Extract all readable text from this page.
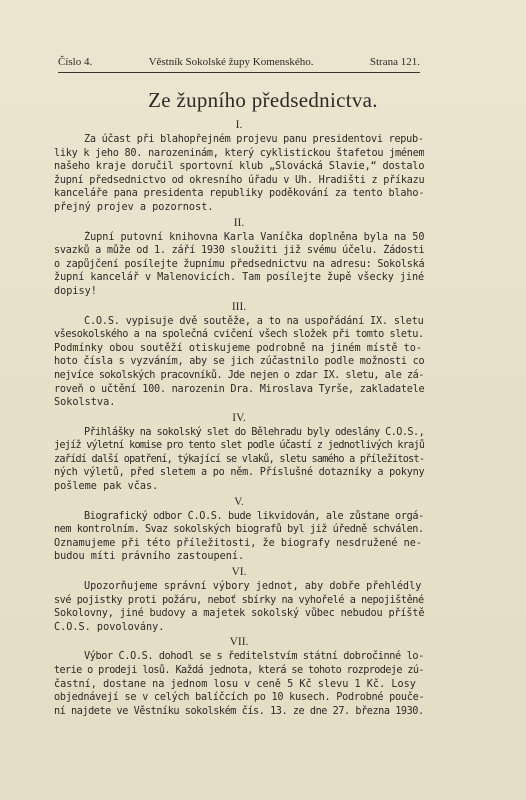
Číslo 4.	Věstník Sokolské župy Komenského.	Strana 121.
Ze župního předsednictva.
I.
Za účast při blahopřejném projevu panu presidentovi repub-
liky k jeho 80. narozeninám, který cyklistickou štafetou jménem
našeho kraje doručil sportovní klub „Slovácká Slavie,“ dostalo
župní předsednictvo od okresního úřadu v Uh. Hradišti z příkazu
kanceláře pana presidenta republiky poděkování za tento blaho-
přejný projev a pozornost.
II.
Župní putovní knihovna Karla Vaníčka doplněna byla na 50
svazků a může od 1. září 1930 sloužiti již svému účelu. Žádosti
o zapůjčení posílejte župnímu předsednictvu na adresu: Sokolská
župní kancelář v Malenovicích. Tam posílejte župě všecky jiné
dopisy!
III.
Č.O.S. vypisuje dvě soutěže, a to na uspořádání IX. sletu
všesokolského a na společná cvičení všech složek při tomto sletu.
Podmínky obou soutěží otiskujeme podrobně na jiném místě to-
hoto čísla s vyzváním, aby se jich zúčastnilo podle možnosti co
nejvíce sokolských pracovníků. Jde nejen o zdar IX. sletu, ale zá-
roveň o učtění 100. narozenin Dra. Miroslava Tyrše, zakladatele
Sokolstva.
IV.
Přihlášky na sokolský slet do Bělehradu byly odeslány Č.O.S.,
jejíž výletní komise pro tento slet podle účastí z jednotlivých krajů
zařídí další opatření, týkající se vlaků, sletu samého a příležitost-
ných výletů, před sletem a po něm. Příslušné dotazníky a pokyny
pošleme pak včas.
V.
Biografický odbor Č.O.S. bude likvidován, ale zůstane orgá-
nem kontrolním. Svaz sokolských biografů byl již úředně schválen.
Oznamujeme při této příležitosti, že biografy nesdružené ne-
budou míti právního zastoupení.
VI.
Upozorňujeme správní výbory jednot, aby dobře přehlédly
své pojistky proti požáru, neboť sbírky na vyhořelé a nepojištěné
Sokolovny, jiné budovy a majetek sokolský vůbec nebudou příště
Č.O.S. povolovány.
VII.
Výbor Č.O.S. dohodl se s ředitelstvím státní dobročinné lo-
terie o prodeji losů. Každá jednota, která se tohoto rozprodeje zú-
častní, dostane na jednom losu v ceně 5 Kč slevu 1 Kč. Losy
objednávejí se v celých balíčcích po 10 kusech. Podrobné pouče-
ní najdete ve Věstníku sokolském čís. 13. ze dne 27. března 1930.
